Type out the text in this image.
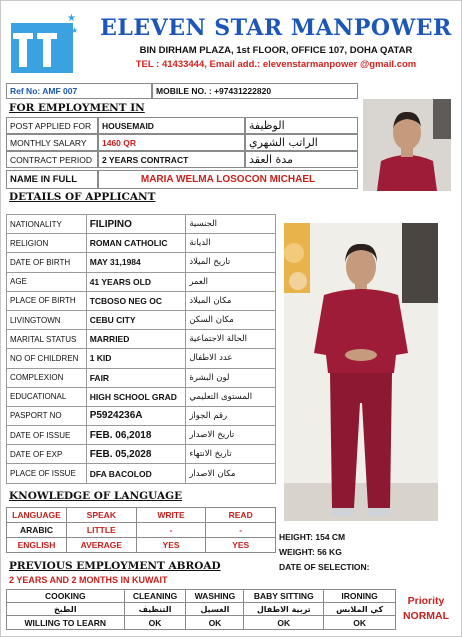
★
★ ★ ELEVEN STAR MANPOWER
BIN DIRHAM PLAZA, 1st FLOOR, OFFICE 107, DOHA QATAR
TEL : 41433444, Email add.: elevenstarmanpower @gmail.com
Ref No: AMF 007	MOBILE NO. : +97431222820
FOR EMPLOYMENT IN
POST APPLIED FOR	HOUSEMAID	الوظيفة
MONTHLY SALARY	1460 QR	الراتب الشهري
CONTRACT PERIOD	2 YEARS CONTRACT	مدة العقد
NAME IN FULL	MARIA WELMA LOSOCON MICHAEL
DETAILS OF APPLICANT
NATIONALITY	FILIPINO	الجنسية
RELIGION	ROMAN CATHOLIC	الديانة
DATE OF BIRTH	MAY 31,1984	تاريخ الميلاد
AGE	41 YEARS OLD	العمر
PLACE OF BIRTH	TCBOSO NEG OC	مكان الميلاد
LIVINGTOWN	CEBU CITY	مكان السكن
MARITAL STATUS	MARRIED	الحالة الاجتماعية
NO OF CHILDREN	1 KID	عدد الاطفال
COMPLEXION	FAIR	لون البشرة
EDUCATIONAL	HIGH SCHOOL GRAD	المستوى التعليمي
PASPORT NO	P5924236A	رقم الجواز
DATE OF ISSUE	FEB. 06,2018	تاريخ الاصدار
DATE OF EXP	FEB. 05,2028	تاريخ الانتهاء
PLACE OF ISSUE	DFA BACOLOD	مكان الاصدار
KNOWLEDGE OF LANGUAGE
LANGUAGE	SPEAK	WRITE	READ
ARABIC	LITTLE	-	-
ENGLISH	AVERAGE	YES	YES
HEIGHT: 154 CM
WEIGHT: 56 KG
DATE OF SELECTION:
PREVIOUS EMPLOYMENT ABROAD
2 YEARS AND 2 MONTHS IN KUWAIT
COOKING	CLEANING	WASHING	BABY SITTING	IRONING
الطبخ	التنظيف	الغسيل	تربية الاطفال	كي الملابس
WILLING TO LEARN	OK	OK	OK	OK
Priority
NORMAL
